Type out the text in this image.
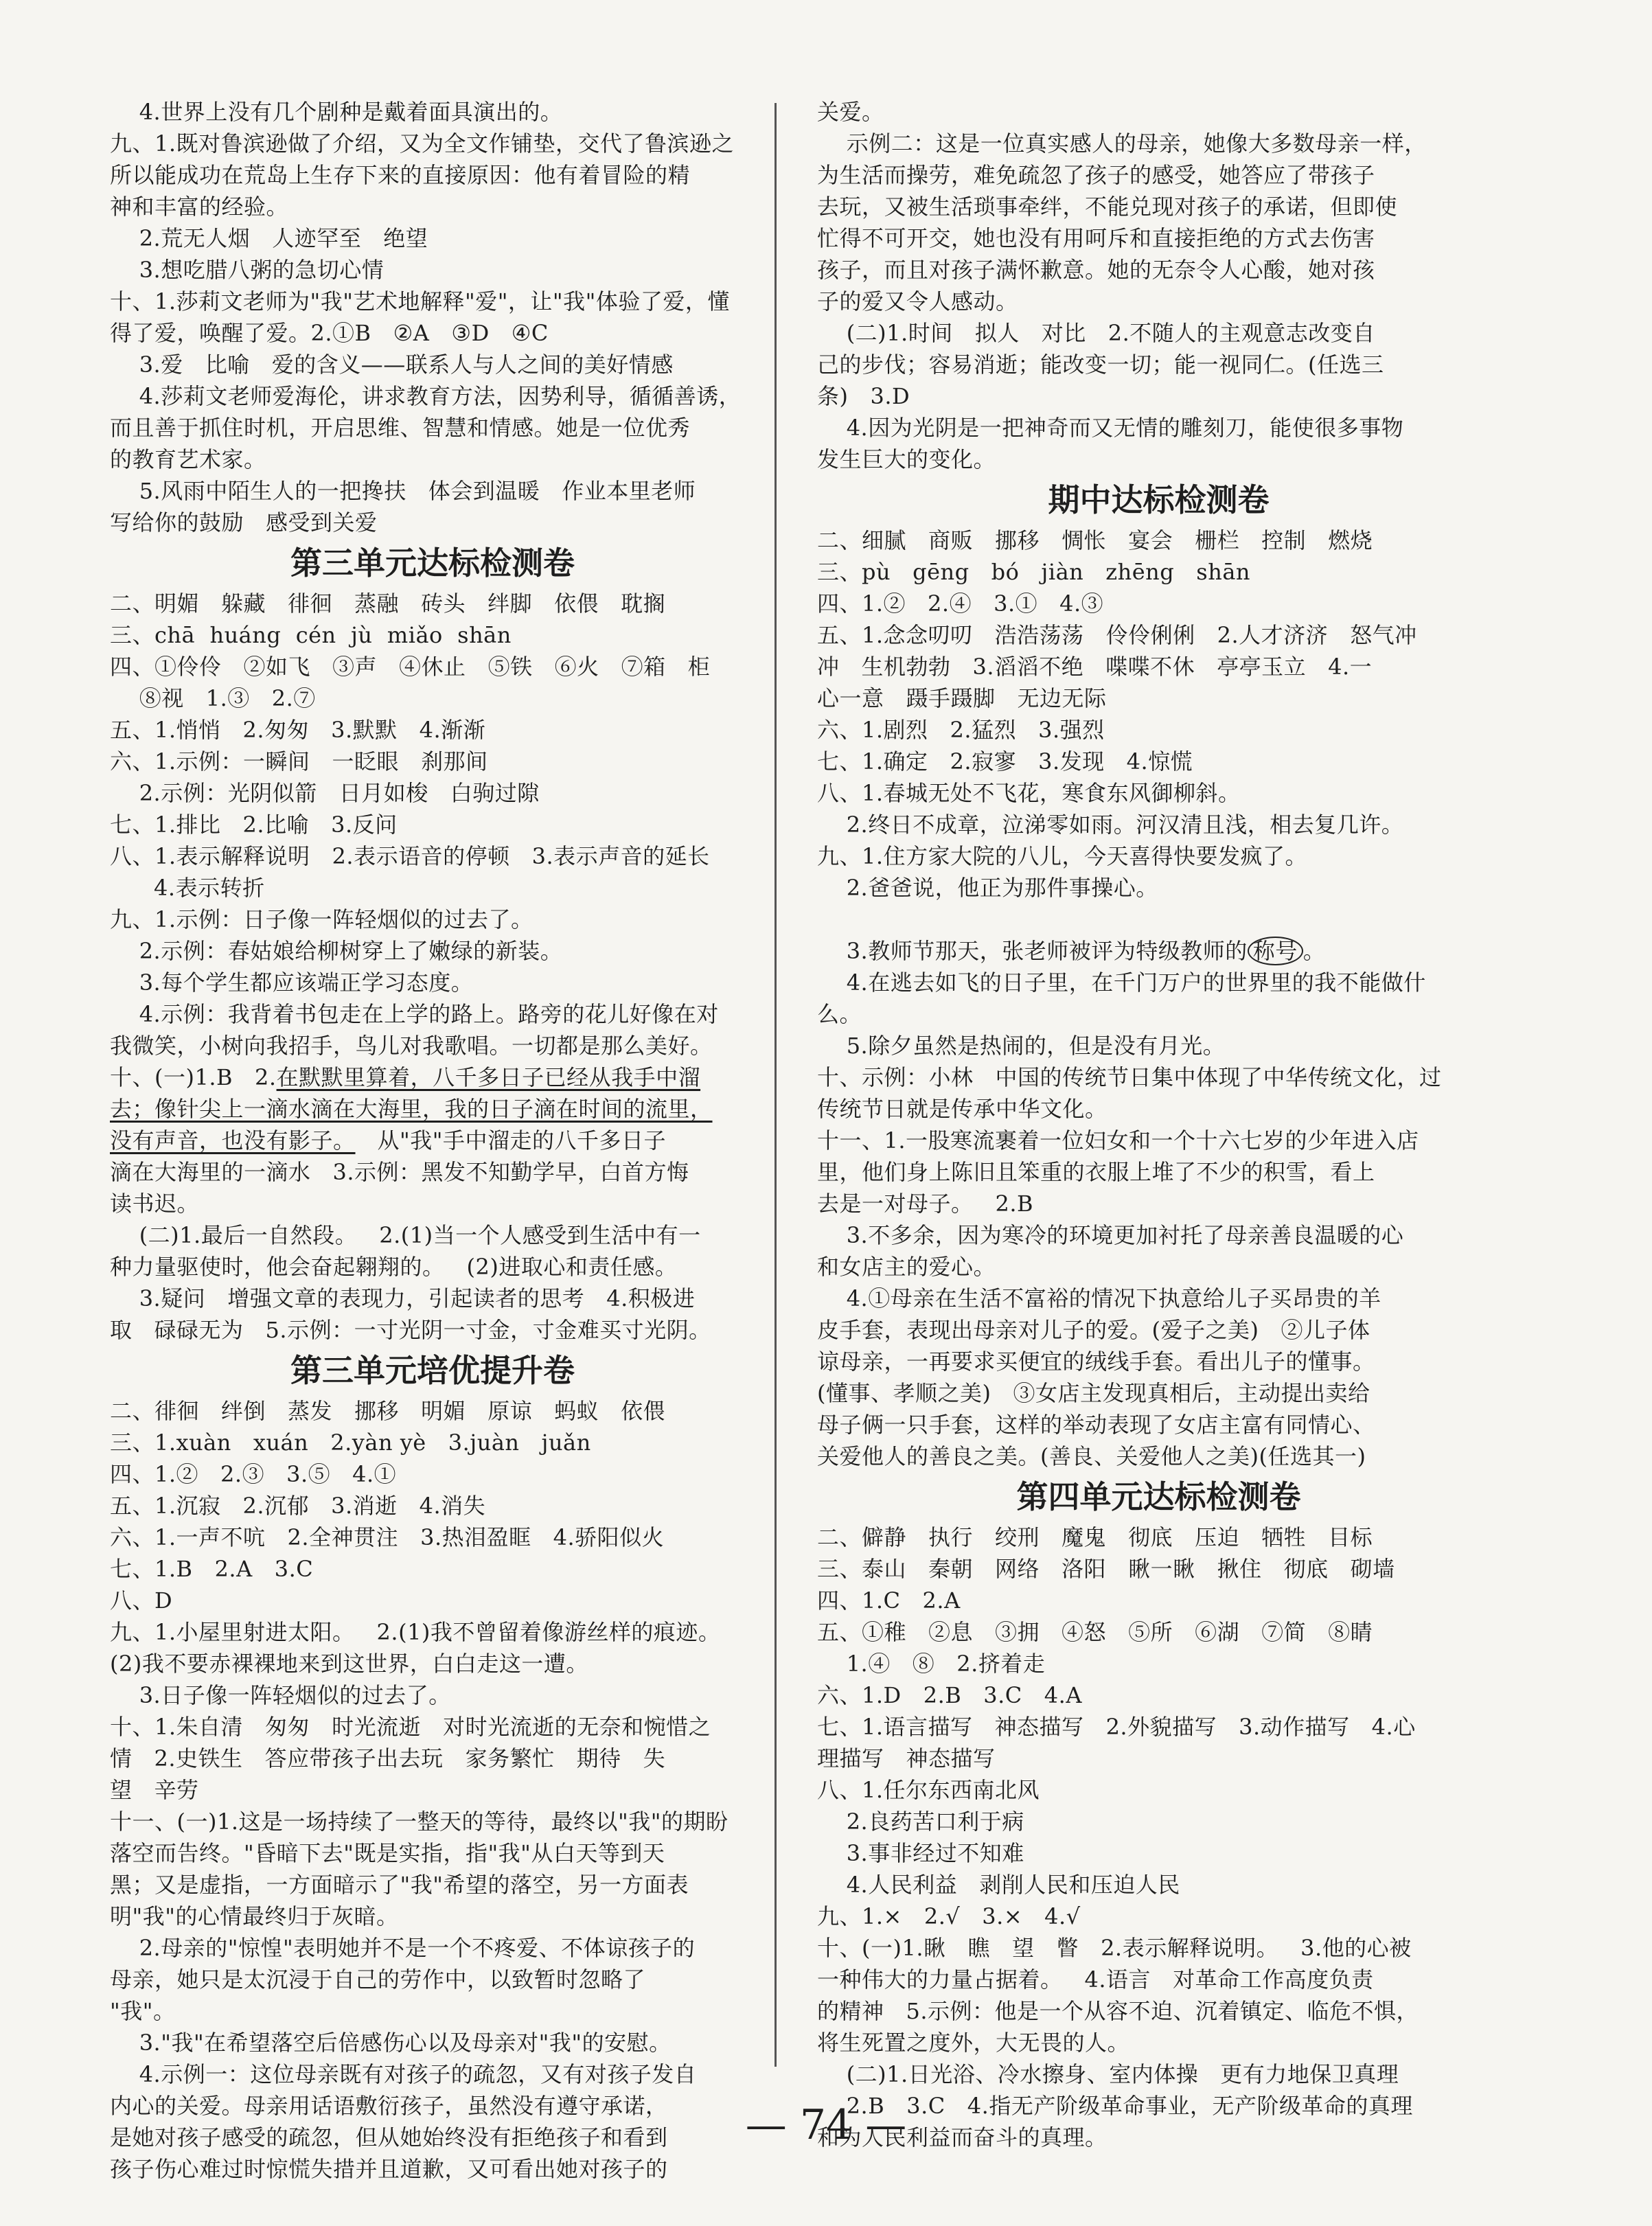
4.世界上没有几个剧种是戴着面具演出的。
九、1.既对鲁滨逊做了介绍，又为全文作铺垫，交代了鲁滨逊之
所以能成功在荒岛上生存下来的直接原因：他有着冒险的精
神和丰富的经验。
2.荒无人烟   人迹罕至   绝望
3.想吃腊八粥的急切心情
十、1.莎莉文老师为"我"艺术地解释"爱"，让"我"体验了爱，懂
得了爱，唤醒了爱。2.①B   ②A   ③D   ④C
3.爱   比喻   爱的含义——联系人与人之间的美好情感
4.莎莉文老师爱海伦，讲求教育方法，因势利导，循循善诱，
而且善于抓住时机，开启思维、智慧和情感。她是一位优秀
的教育艺术家。
5.风雨中陌生人的一把搀扶   体会到温暖   作业本里老师
写给你的鼓励   感受到关爱
第三单元达标检测卷
二、明媚   躲藏   徘徊   蒸融   砖头   绊脚   依偎   耽搁
三、chā  huáng  cén  jù  miǎo  shān
四、①伶伶   ②如飞   ③声   ④休止   ⑤铁   ⑥火   ⑦箱   柜
⑧视   1.③   2.⑦
五、1.悄悄   2.匆匆   3.默默   4.渐渐
六、1.示例：一瞬间   一眨眼   刹那间
2.示例：光阴似箭   日月如梭   白驹过隙
七、1.排比   2.比喻   3.反问
八、1.表示解释说明   2.表示语音的停顿   3.表示声音的延长
4.表示转折
九、1.示例：日子像一阵轻烟似的过去了。
2.示例：春姑娘给柳树穿上了嫩绿的新装。
3.每个学生都应该端正学习态度。
4.示例：我背着书包走在上学的路上。路旁的花儿好像在对
我微笑，小树向我招手，鸟儿对我歌唱。一切都是那么美好。
十、(一)1.B   2.在默默里算着，八千多日子已经从我手中溜
去；像针尖上一滴水滴在大海里，我的日子滴在时间的流里，
没有声音，也没有影子。   从"我"手中溜走的八千多日子
滴在大海里的一滴水   3.示例：黑发不知勤学早，白首方悔
读书迟。
(二)1.最后一自然段。   2.(1)当一个人感受到生活中有一
种力量驱使时，他会奋起翱翔的。   (2)进取心和责任感。
3.疑问   增强文章的表现力，引起读者的思考   4.积极进
取   碌碌无为   5.示例：一寸光阴一寸金，寸金难买寸光阴。
第三单元培优提升卷
二、徘徊   绊倒   蒸发   挪移   明媚   原谅   蚂蚁   依偎
三、1.xuàn   xuán   2.yàn yè   3.juàn   juǎn
四、1.②   2.③   3.⑤   4.①
五、1.沉寂   2.沉郁   3.消逝   4.消失
六、1.一声不吭   2.全神贯注   3.热泪盈眶   4.骄阳似火
七、1.B   2.A   3.C
八、D
九、1.小屋里射进太阳。   2.(1)我不曾留着像游丝样的痕迹。
(2)我不要赤裸裸地来到这世界，白白走这一遭。
3.日子像一阵轻烟似的过去了。
十、1.朱自清   匆匆   时光流逝   对时光流逝的无奈和惋惜之
情   2.史铁生   答应带孩子出去玩   家务繁忙   期待   失
望   辛劳
十一、(一)1.这是一场持续了一整天的等待，最终以"我"的期盼
落空而告终。"昏暗下去"既是实指，指"我"从白天等到天
黑；又是虚指，一方面暗示了"我"希望的落空，另一方面表
明"我"的心情最终归于灰暗。
2.母亲的"惊惶"表明她并不是一个不疼爱、不体谅孩子的
母亲，她只是太沉浸于自己的劳作中，以致暂时忽略了
"我"。
3."我"在希望落空后倍感伤心以及母亲对"我"的安慰。
4.示例一：这位母亲既有对孩子的疏忽，又有对孩子发自
内心的关爱。母亲用话语敷衍孩子，虽然没有遵守承诺，
是她对孩子感受的疏忽，但从她始终没有拒绝孩子和看到
孩子伤心难过时惊慌失措并且道歉，又可看出她对孩子的
关爱。
示例二：这是一位真实感人的母亲，她像大多数母亲一样，
为生活而操劳，难免疏忽了孩子的感受，她答应了带孩子
去玩，又被生活琐事牵绊，不能兑现对孩子的承诺，但即使
忙得不可开交，她也没有用呵斥和直接拒绝的方式去伤害
孩子，而且对孩子满怀歉意。她的无奈令人心酸，她对孩
子的爱又令人感动。
(二)1.时间   拟人   对比   2.不随人的主观意志改变自
己的步伐；容易消逝；能改变一切；能一视同仁。(任选三
条)   3.D
4.因为光阴是一把神奇而又无情的雕刻刀，能使很多事物
发生巨大的变化。
期中达标检测卷
二、细腻   商贩   挪移   惆怅   宴会   栅栏   控制   燃烧
三、pù   gēng   bó   jiàn   zhēng   shān
四、1.②   2.④   3.①   4.③
五、1.念念叨叨   浩浩荡荡   伶伶俐俐   2.人才济济   怒气冲
冲   生机勃勃   3.滔滔不绝   喋喋不休   亭亭玉立   4.一
心一意   蹑手蹑脚   无边无际
六、1.剧烈   2.猛烈   3.强烈
七、1.确定   2.寂寥   3.发现   4.惊慌
八、1.春城无处不飞花，寒食东风御柳斜。
2.终日不成章，泣涕零如雨。河汉清且浅，相去复几许。
九、1.住方家大院的八儿，今天喜得快要发疯了。
2.爸爸说，他正为那件事操心。
3.教师节那天，张老师被评为特级教师的 称号 。
4.在逃去如飞的日子里，在千门万户的世界里的我不能做什
么。
5.除夕虽然是热闹的，但是没有月光。
十、示例：小林   中国的传统节日集中体现了中华传统文化，过
传统节日就是传承中华文化。
十一、1.一股寒流裹着一位妇女和一个十六七岁的少年进入店
里，他们身上陈旧且笨重的衣服上堆了不少的积雪，看上
去是一对母子。   2.B
3.不多余，因为寒冷的环境更加衬托了母亲善良温暖的心
和女店主的爱心。
4.①母亲在生活不富裕的情况下执意给儿子买昂贵的羊
皮手套，表现出母亲对儿子的爱。(爱子之美)   ②儿子体
谅母亲，一再要求买便宜的绒线手套。看出儿子的懂事。
(懂事、孝顺之美)   ③女店主发现真相后，主动提出卖给
母子俩一只手套，这样的举动表现了女店主富有同情心、
关爱他人的善良之美。(善良、关爱他人之美)(任选其一)
第四单元达标检测卷
二、僻静   执行   绞刑   魔鬼   彻底   压迫   牺牲   目标
三、泰山   秦朝   网络   洛阳   瞅一瞅   揪住   彻底   砌墙
四、1.C   2.A
五、①稚   ②息   ③拥   ④怒   ⑤所   ⑥湖   ⑦简   ⑧睛
1.④   ⑧   2.挤着走
六、1.D   2.B   3.C   4.A
七、1.语言描写   神态描写   2.外貌描写   3.动作描写   4.心
理描写   神态描写
八、1.任尔东西南北风
2.良药苦口利于病
3.事非经过不知难
4.人民利益   剥削人民和压迫人民
九、1.×   2.√   3.×   4.√
十、(一)1.瞅   瞧   望   瞥   2.表示解释说明。   3.他的心被
一种伟大的力量占据着。   4.语言   对革命工作高度负责
的精神   5.示例：他是一个从容不迫、沉着镇定、临危不惧，
将生死置之度外，大无畏的人。
(二)1.日光浴、冷水擦身、室内体操   更有力地保卫真理
2.B   3.C   4.指无产阶级革命事业，无产阶级革命的真理
和为人民利益而奋斗的真理。
— 74 —
